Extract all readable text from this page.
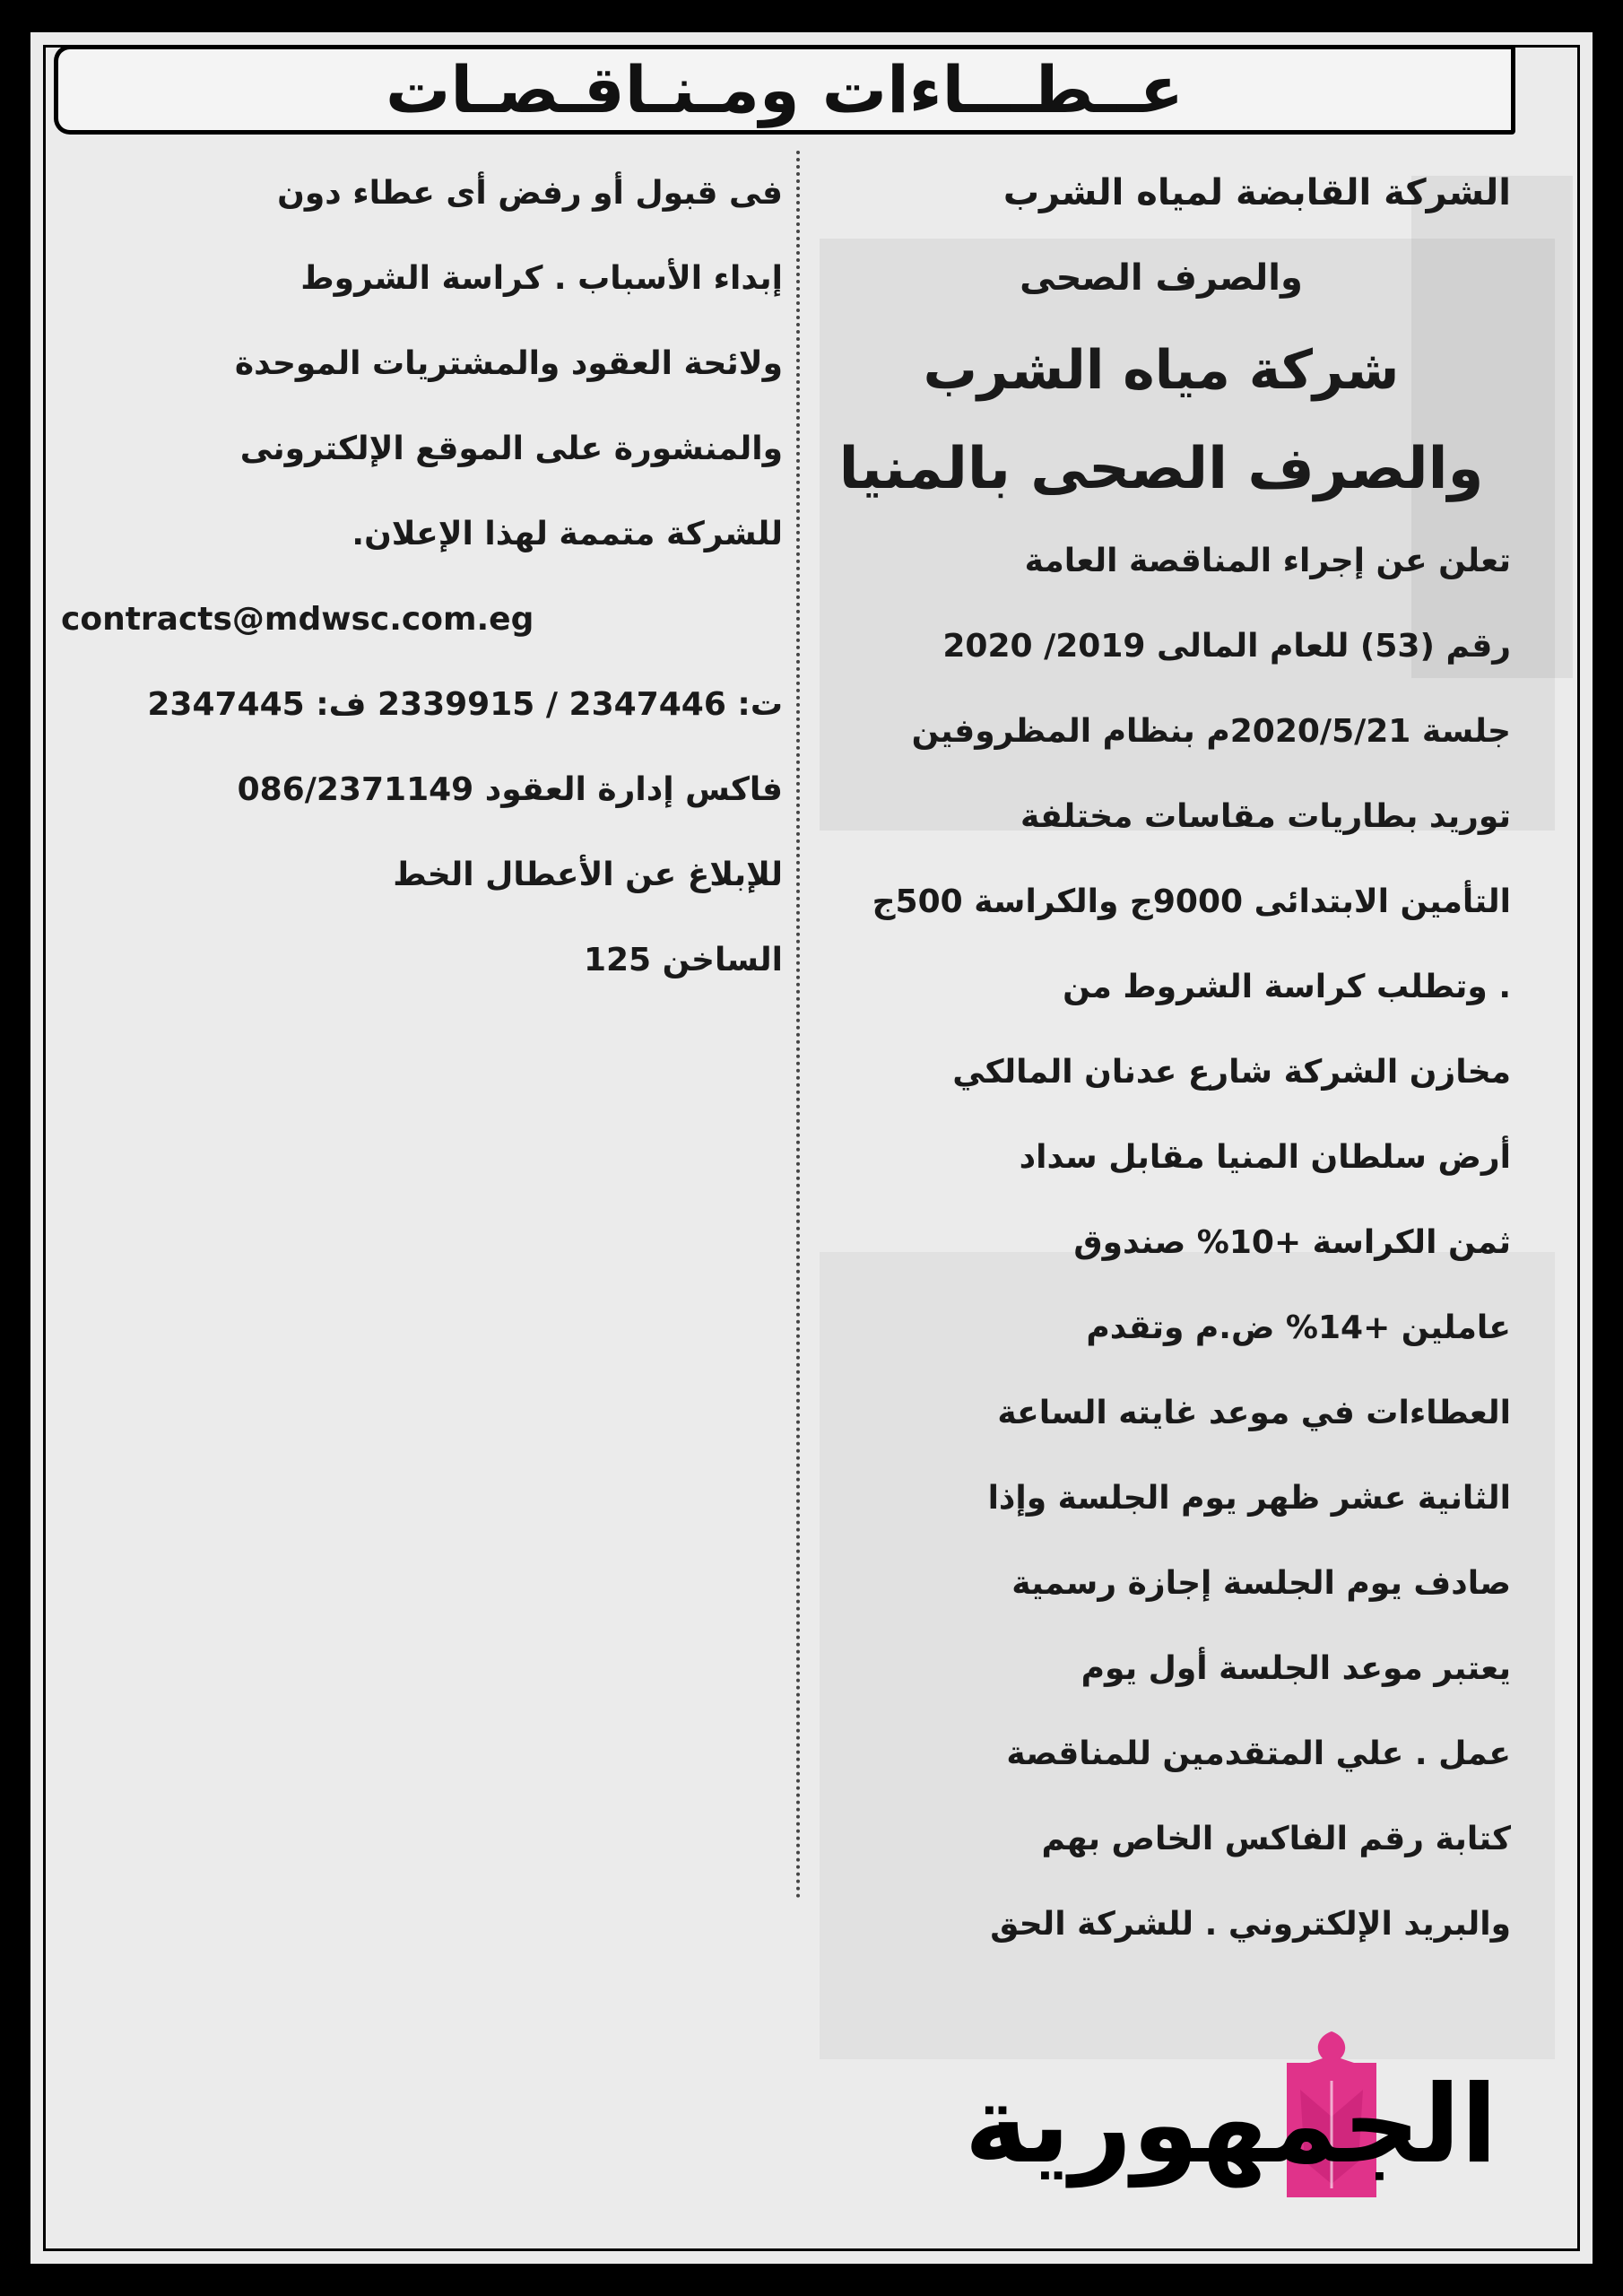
عــطـــاءات ومـنـاقـصـات
الشركة القابضة لمياه الشرب
والصرف الصحى
شركة مياه الشرب
والصرف الصحى بالمنيا
تعلن عن إجراء المناقصة العامة
رقم (53) للعام المالى 2019/ 2020
جلسة 2020/5/21م بنظام المظروفين
توريد بطاريات مقاسات مختلفة
التأمين الابتدائى 9000ج والكراسة 500ج
. وتطلب كراسة الشروط من
مخازن الشركة شارع عدنان المالكي
أرض سلطان المنيا مقابل سداد
ثمن الكراسة +10% صندوق
عاملين +14% ض.م وتقدم
العطاءات في موعد غايته الساعة
الثانية عشر ظهر يوم الجلسة وإذا
صادف يوم الجلسة إجازة رسمية
يعتبر موعد الجلسة أول يوم
عمل . علي المتقدمين للمناقصة
كتابة رقم الفاكس الخاص بهم
والبريد الإلكتروني . للشركة الحق
فى قبول أو رفض أى عطاء دون
إبداء الأسباب . كراسة الشروط
ولائحة العقود والمشتريات الموحدة
والمنشورة على الموقع الإلكترونى
للشركة متممة لهذا الإعلان.
contracts@mdwsc.com.eg
ت: 2347446 / 2339915 ف: 2347445
فاكس إدارة العقود 086/2371149
للإبلاغ عن الأعطال الخط
الساخن 125
الجمهورية
